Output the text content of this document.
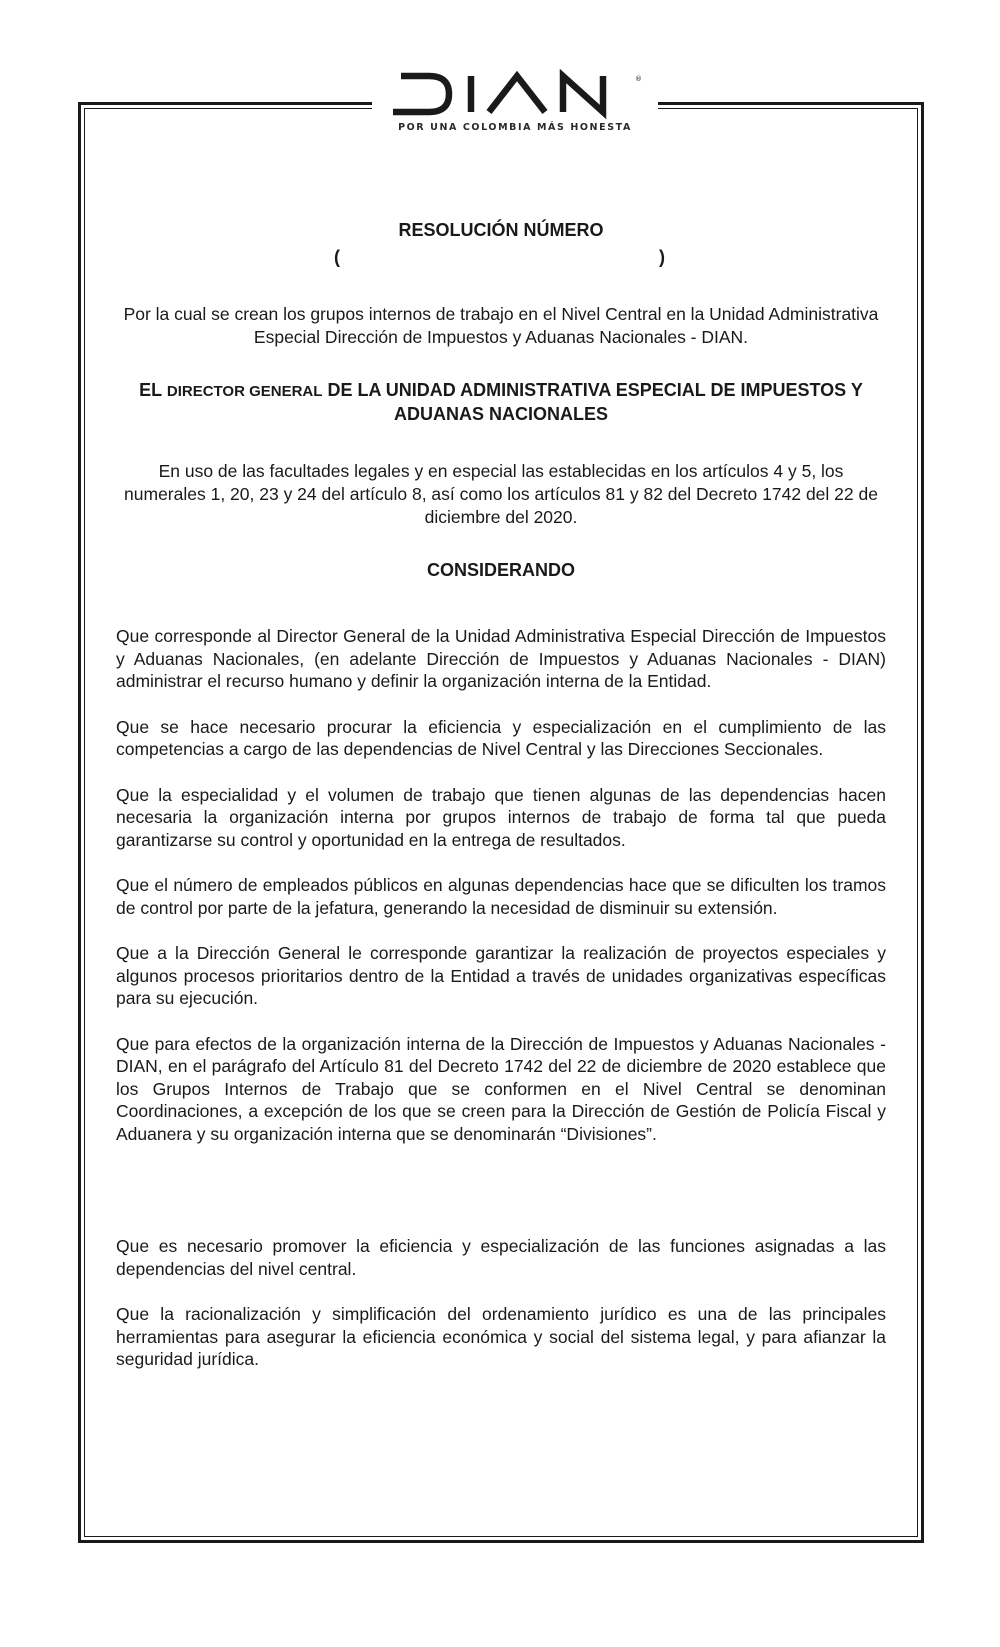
®
POR UNA COLOMBIA MÁS HONESTA
RESOLUCIÓN NÚMERO
(	)
Por la cual se crean los grupos internos de trabajo en el Nivel Central en la Unidad Administrativa Especial Dirección de Impuestos y Aduanas Nacionales - DIAN.
EL DIRECTOR GENERAL DE LA UNIDAD ADMINISTRATIVA ESPECIAL DE IMPUESTOS Y ADUANAS NACIONALES
En uso de las facultades legales y en especial las establecidas en los artículos 4 y 5, los numerales 1, 20, 23 y 24 del artículo 8, así como los artículos 81 y 82 del Decreto 1742 del 22 de diciembre del 2020.
CONSIDERANDO
Que corresponde al Director General de la Unidad Administrativa Especial Dirección de Impuestos y Aduanas Nacionales, (en adelante Dirección de Impuestos y Aduanas Nacionales - DIAN) administrar el recurso humano y definir la organización interna de la Entidad.
Que se hace necesario procurar la eficiencia y especialización en el cumplimiento de las competencias a cargo de las dependencias de Nivel Central y las Direcciones Seccionales.
Que la especialidad y el volumen de trabajo que tienen algunas de las dependencias hacen necesaria la organización interna por grupos internos de trabajo de forma tal que pueda garantizarse su control y oportunidad en la entrega de resultados.
Que el número de empleados públicos en algunas dependencias hace que se dificulten los tramos de control por parte de la jefatura, generando la necesidad de disminuir su extensión.
Que a la Dirección General le corresponde garantizar la realización de proyectos especiales y algunos procesos prioritarios dentro de la Entidad a través de unidades organizativas específicas para su ejecución.
Que para efectos de la organización interna de la Dirección de Impuestos y Aduanas Nacionales - DIAN, en el parágrafo del Artículo 81 del Decreto 1742 del 22 de diciembre de 2020 establece que los Grupos Internos de Trabajo que se conformen en el Nivel Central se denominan Coordinaciones, a excepción de los que se creen para la Dirección de Gestión de Policía Fiscal y Aduanera y su organización interna que se denominarán “Divisiones”.
Que es necesario promover la eficiencia y especialización de las funciones asignadas a las dependencias del nivel central.
Que la racionalización y simplificación del ordenamiento jurídico es una de las principales herramientas para asegurar la eficiencia económica y social del sistema legal, y para afianzar la seguridad jurídica.
